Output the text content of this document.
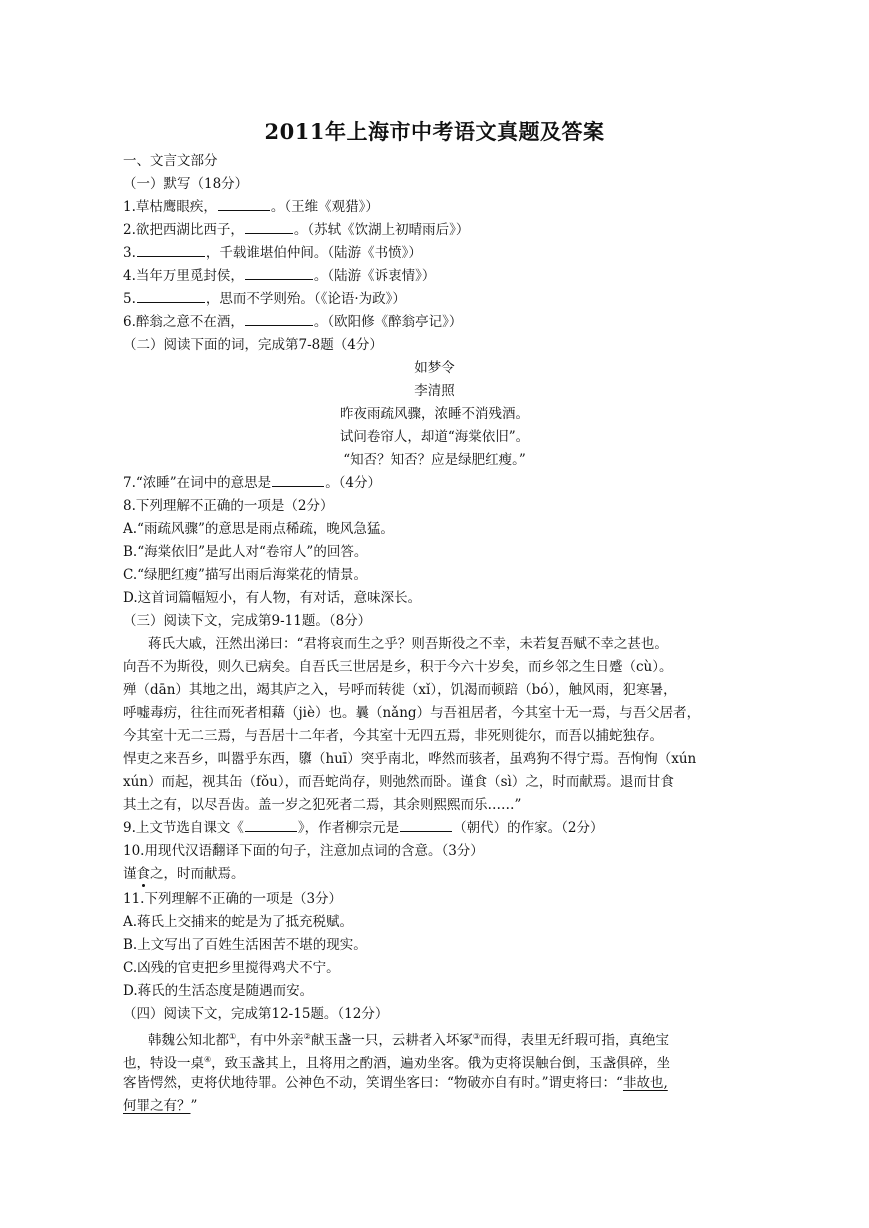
2011年上海市中考语文真题及答案
一、文言文部分
（一）默写（18分）
1.草枯鹰眼疾，	。（王维《观猎》）
2.欲把西湖比西子，	。（苏轼《饮湖上初晴雨后》）
3.	，千载谁堪伯仲间。（陆游《书愤》）
4.当年万里觅封侯，	。（陆游《诉衷情》）
5.	，思而不学则殆。（《论语·为政》）
6.醉翁之意不在酒，	。（欧阳修《醉翁亭记》）
（二）阅读下面的词，完成第7-8题（4分）
如梦令
李清照
昨夜雨疏风骤，浓睡不消残酒。
试问卷帘人，却道“海棠依旧”。
“知否？知否？应是绿肥红瘦。”
7.“浓睡”在词中的意思是	。（4分）
8.下列理解不正确的一项是（2分）
A.“雨疏风骤”的意思是雨点稀疏，晚风急猛。
B.“海棠依旧”是此人对“卷帘人”的回答。
C.“绿肥红瘦”描写出雨后海棠花的情景。
D.这首词篇幅短小，有人物，有对话，意味深长。
（三）阅读下文，完成第9-11题。（8分）
蒋氏大戚，汪然出涕曰：“君将哀而生之乎？则吾斯役之不幸，未若复吾赋不幸之甚也。
向吾不为斯役，则久已病矣。自吾氏三世居是乡，积于今六十岁矣，而乡邻之生日蹙（cù）。
殚（dān）其地之出，竭其庐之入，号呼而转徙（xǐ），饥渴而顿踣（bó），触风雨，犯寒暑，
呼嘘毒疠，往往而死者相藉（jiè）也。曩（nǎng）与吾祖居者，今其室十无一焉，与吾父居者，
今其室十无二三焉，与吾居十二年者，今其室十无四五焉，非死则徙尔，而吾以捕蛇独存。
悍吏之来吾乡，叫嚣乎东西，隳（huī）突乎南北，哗然而骇者，虽鸡狗不得宁焉。吾恂恂（xún
xún）而起，视其缶（fǒu），而吾蛇尚存，则弛然而卧。谨食（sì）之，时而献焉。退而甘食
其土之有，以尽吾齿。盖一岁之犯死者二焉，其余则熙熙而乐……”
9.上文节选自课文《	》，作者柳宗元是	（朝代）的作家。（2分）
10.用现代汉语翻译下面的句子，注意加点词的含意。（3分）
谨食之，时而献焉。
11.下列理解不正确的一项是（3分）
A.蒋氏上交捕来的蛇是为了抵充税赋。
B.上文写出了百姓生活困苦不堪的现实。
C.凶残的官吏把乡里搅得鸡犬不宁。
D.蒋氏的生活态度是随遇而安。
（四）阅读下文，完成第12-15题。（12分）
韩魏公知北都①，有中外亲②献玉盏一只，云耕者入坏冢③而得，表里无纤瑕可指，真绝宝
也，特设一桌④，致玉盏其上，且将用之酌酒，遍劝坐客。俄为吏将误触台倒，玉盏俱碎，坐
客皆愕然，吏将伏地待罪。公神色不动，笑谓坐客曰：“物破亦自有时。”谓吏将曰：“非故也,
何罪之有？”
